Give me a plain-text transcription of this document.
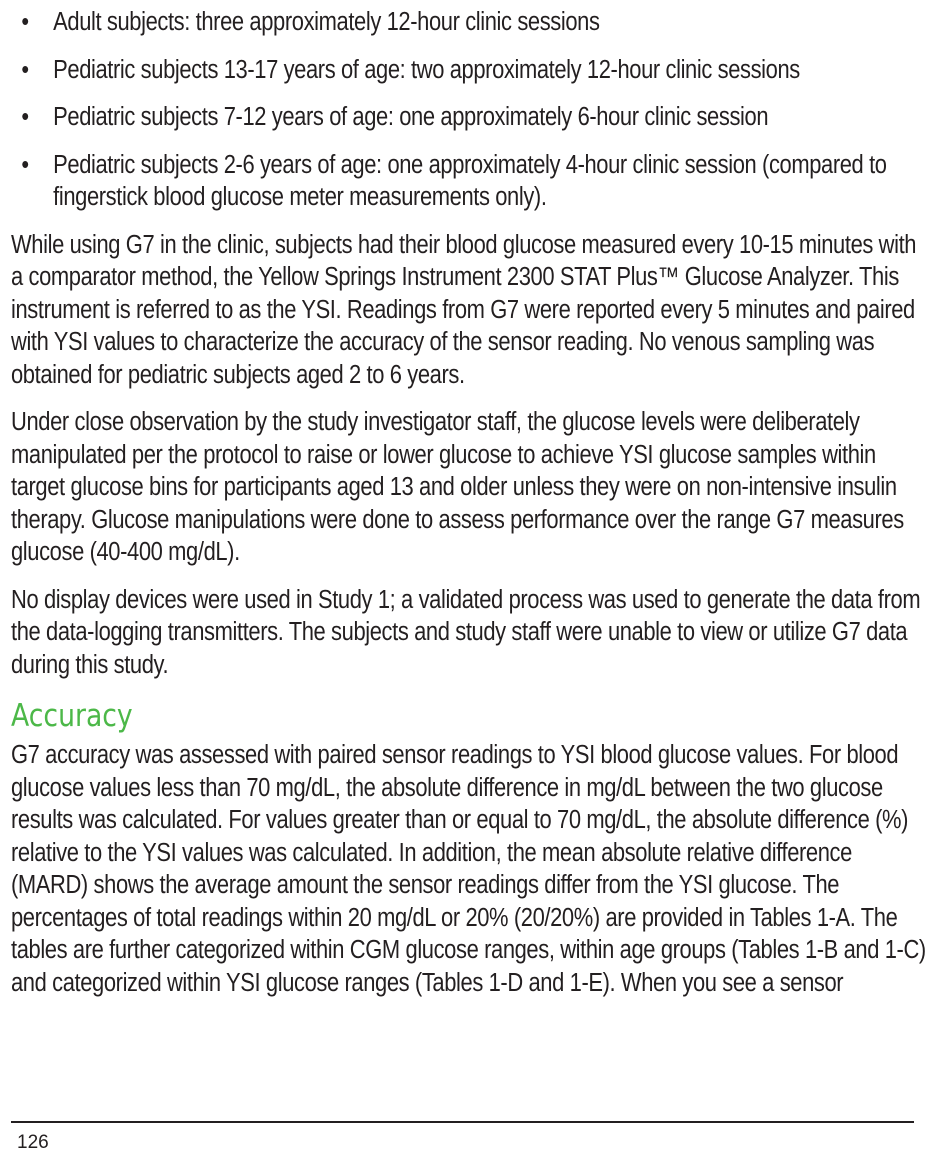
• Adult subjects: three approximately 12-hour clinic sessions
• Pediatric subjects 13-17 years of age: two approximately 12-hour clinic sessions
• Pediatric subjects 7-12 years of age: one approximately 6-hour clinic session
• Pediatric subjects 2-6 years of age: one approximately 4-hour clinic session (compared to fingerstick blood glucose meter measurements only).

While using G7 in the clinic, subjects had their blood glucose measured every 10-15 minutes with a comparator method, the Yellow Springs Instrument 2300 STAT Plus™ Glucose Analyzer. This instrument is referred to as the YSI. Readings from G7 were reported every 5 minutes and paired with YSI values to characterize the accuracy of the sensor reading. No venous sampling was obtained for pediatric subjects aged 2 to 6 years.

Under close observation by the study investigator staff, the glucose levels were deliberately manipulated per the protocol to raise or lower glucose to achieve YSI glucose samples within target glucose bins for participants aged 13 and older unless they were on non-intensive insulin therapy. Glucose manipulations were done to assess performance over the range G7 measures glucose (40-400 mg/dL).

No display devices were used in Study 1; a validated process was used to generate the data from the data-logging transmitters. The subjects and study staff were unable to view or utilize G7 data during this study.

Accuracy

G7 accuracy was assessed with paired sensor readings to YSI blood glucose values. For blood glucose values less than 70 mg/dL, the absolute difference in mg/dL between the two glucose results was calculated. For values greater than or equal to 70 mg/dL, the absolute difference (%) relative to the YSI values was calculated. In addition, the mean absolute relative difference (MARD) shows the average amount the sensor readings differ from the YSI glucose. The percentages of total readings within 20 mg/dL or 20% (20/20%) are provided in Tables 1-A. The tables are further categorized within CGM glucose ranges, within age groups (Tables 1-B and 1-C) and categorized within YSI glucose ranges (Tables 1-D and 1-E). When you see a sensor

126
